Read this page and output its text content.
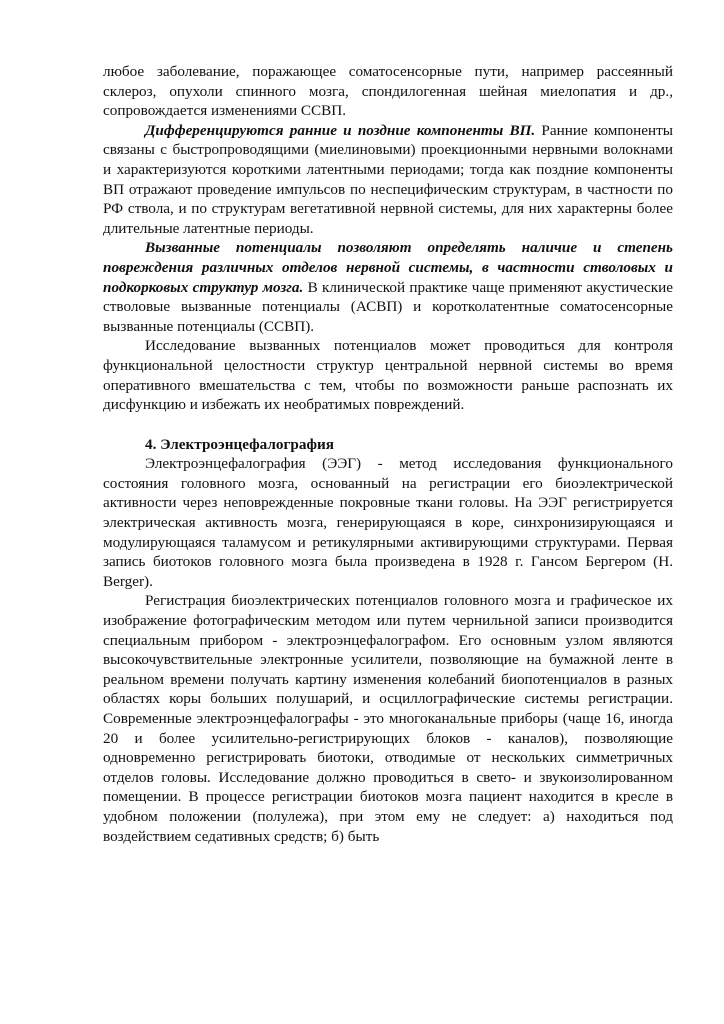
любое заболевание, поражающее соматосенсорные пути, например рассеянный склероз, опухоли спинного мозга, спондилогенная шейная миелопатия и др., сопровождается изменениями ССВП.

Дифференцируются ранние и поздние компоненты ВП. Ранние компоненты связаны с быстропроводящими (миелиновыми) проекционными нервными волокнами и характеризуются короткими латентными периодами; тогда как поздние компоненты ВП отражают проведение импульсов по неспецифическим структурам, в частности по РФ ствола, и по структурам вегетативной нервной системы, для них характерны более длительные латентные периоды.

Вызванные потенциалы позволяют определять наличие и степень повреждения различных отделов нервной системы, в частности стволовых и подкорковых структур мозга. В клинической практике чаще применяют акустические стволовые вызванные потенциалы (АСВП) и коротколатентные соматосенсорные вызванные потенциалы (ССВП).

Исследование вызванных потенциалов может проводиться для контроля функциональной целостности структур центральной нервной системы во время оперативного вмешательства с тем, чтобы по возможности раньше распознать их дисфункцию и избежать их необратимых повреждений.

4. Электроэнцефалография

Электроэнцефалография (ЭЭГ) - метод исследования функционального состояния головного мозга, основанный на регистрации его биоэлектрической активности через неповрежденные покровные ткани головы. На ЭЭГ регистрируется электрическая активность мозга, генерирующаяся в коре, синхронизирующаяся и модулирующаяся таламусом и ретикулярными активирующими структурами. Первая запись биотоков головного мозга была произведена в 1928 г. Гансом Бергером (H. Berger).

Регистрация биоэлектрических потенциалов головного мозга и графическое их изображение фотографическим методом или путем чернильной записи производится специальным прибором - электроэнцефалографом. Его основным узлом являются высокочувствительные электронные усилители, позволяющие на бумажной ленте в реальном времени получать картину изменения колебаний биопотенциалов в разных областях коры больших полушарий, и осциллографические системы регистрации. Современные электроэнцефалографы - это многоканальные приборы (чаще 16, иногда 20 и более усилительно-регистрирующих блоков - каналов), позволяющие одновременно регистрировать биотоки, отводимые от нескольких симметричных отделов головы. Исследование должно проводиться в свето- и звукоизолированном помещении. В процессе регистрации биотоков мозга пациент находится в кресле в удобном положении (полулежа), при этом ему не следует: а) находиться под воздействием седативных средств; б) быть
